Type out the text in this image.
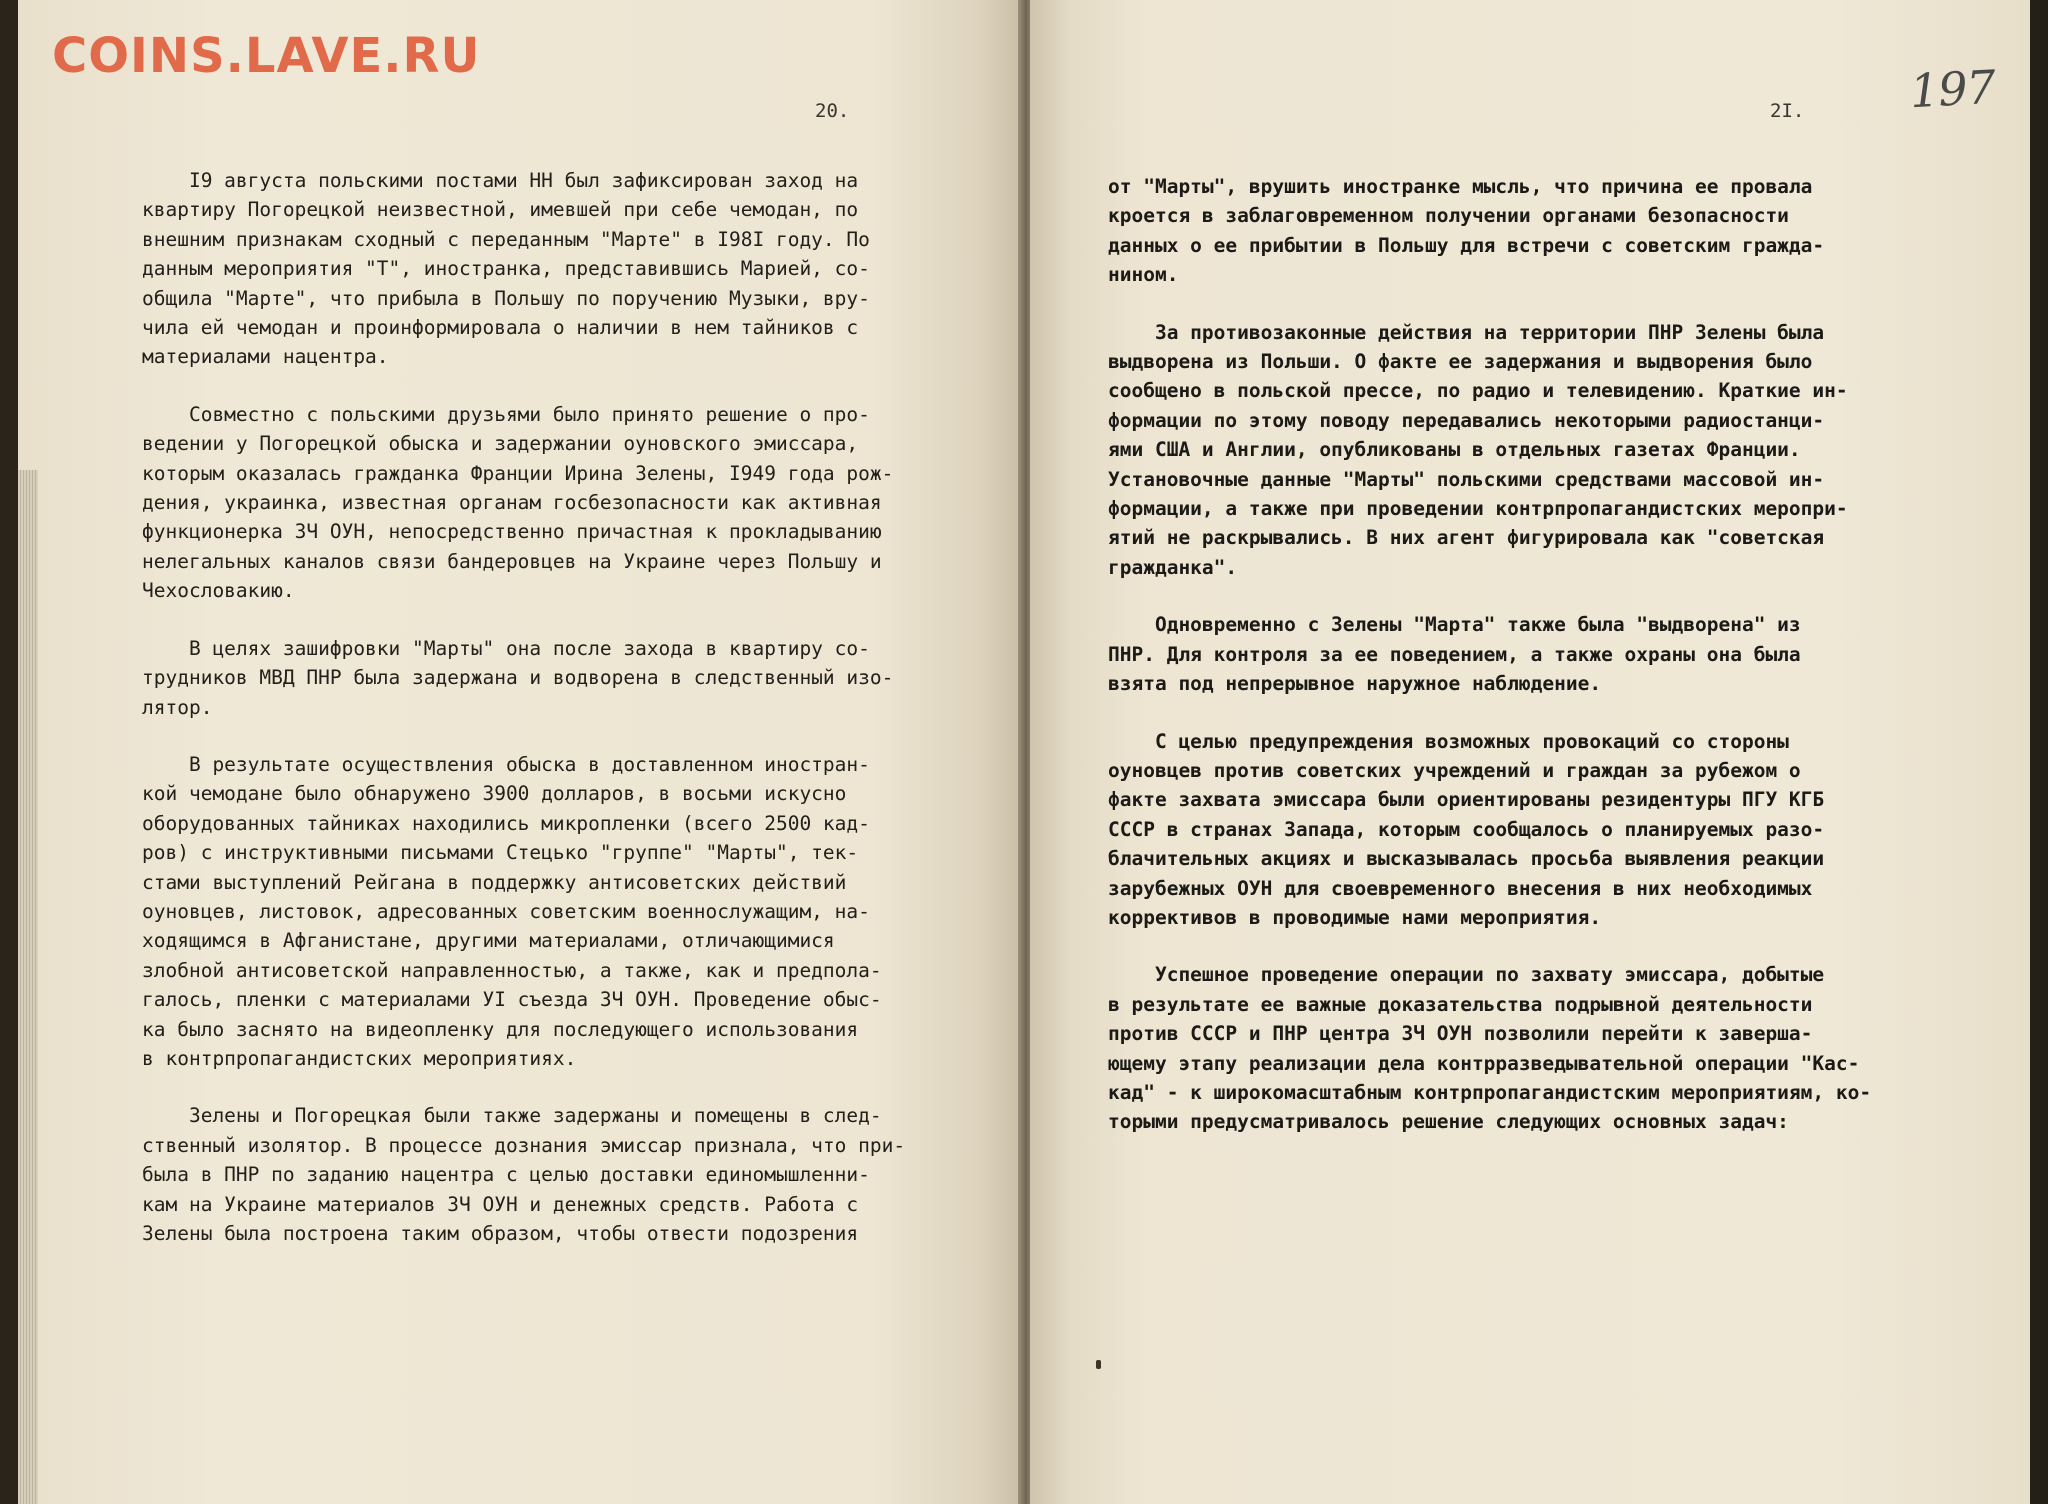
COINS.LAVE.RU
20.	2I. 197
I9 августа польскими постами НН был зафиксирован заход на
квартиру Погорецкой неизвестной, имевшей при себе чемодан, по
внешним признакам сходный с переданным "Марте" в I98I году. По
данным мероприятия "Т", иностранка, представившись Марией, со-
общила "Марте", что прибыла в Польшу по поручению Музыки, вру-
чила ей чемодан и проинформировала о наличии в нем тайников с
материалами нацентра.
Совместно с польскими друзьями было принято решение о про-
ведении у Погорецкой обыска и задержании оуновского эмиссара,
которым оказалась гражданка Франции Ирина Зелены, I949 года рож-
дения, украинка, известная органам госбезопасности как активная
функционерка ЗЧ ОУН, непосредственно причастная к прокладыванию
нелегальных каналов связи бандеровцев на Украине через Польшу и
Чехословакию.
В целях зашифровки "Марты" она после захода в квартиру со-
трудников МВД ПНР была задержана и водворена в следственный изо-
лятор.
В результате осуществления обыска в доставленном иностран-
кой чемодане было обнаружено 3900 долларов, в восьми искусно
оборудованных тайниках находились микропленки (всего 2500 кад-
ров) с инструктивными письмами Стецько "группе" "Марты", тек-
стами выступлений Рейгана в поддержку антисоветских действий
оуновцев, листовок, адресованных советским военнослужащим, на-
ходящимся в Афганистане, другими материалами, отличающимися
злобной антисоветской направленностью, а также, как и предпола-
галось, пленки с материалами УI съезда ЗЧ ОУН. Проведение обыс-
ка было заснято на видеопленку для последующего использования
в контрпропагандистских мероприятиях.
Зелены и Погорецкая были также задержаны и помещены в след-
ственный изолятор. В процессе дознания эмиссар признала, что при-
была в ПНР по заданию нацентра с целью доставки единомышленни-
кам на Украине материалов ЗЧ ОУН и денежных средств. Работа с
Зелены была построена таким образом, чтобы отвести подозрения
от "Марты", врушить иностранке мысль, что причина ее провала
кроется в заблаговременном получении органами безопасности
данных о ее прибытии в Польшу для встречи с советским гражда-
нином.
За противозаконные действия на территории ПНР Зелены была
выдворена из Польши. О факте ее задержания и выдворения было
сообщено в польской прессе, по радио и телевидению. Краткие ин-
формации по этому поводу передавались некоторыми радиостанци-
ями США и Англии, опубликованы в отдельных газетах Франции.
Установочные данные "Марты" польскими средствами массовой ин-
формации, а также при проведении контрпропагандистских меропри-
ятий не раскрывались. В них агент фигурировала как "советская
гражданка".
Одновременно с Зелены "Марта" также была "выдворена" из
ПНР. Для контроля за ее поведением, а также охраны она была
взята под непрерывное наружное наблюдение.
С целью предупреждения возможных провокаций со стороны
оуновцев против советских учреждений и граждан за рубежом о
факте захвата эмиссара были ориентированы резидентуры ПГУ КГБ
СССР в странах Запада, которым сообщалось о планируемых разо-
блачительных акциях и высказывалась просьба выявления реакции
зарубежных ОУН для своевременного внесения в них необходимых
коррективов в проводимые нами мероприятия.
Успешное проведение операции по захвату эмиссара, добытые
в результате ее важные доказательства подрывной деятельности
против СССР и ПНР центра ЗЧ ОУН позволили перейти к заверша-
ющему этапу реализации дела контрразведывательной операции "Кас-
кад" - к широкомасштабным контрпропагандистским мероприятиям, ко-
торыми предусматривалось решение следующих основных задач:
